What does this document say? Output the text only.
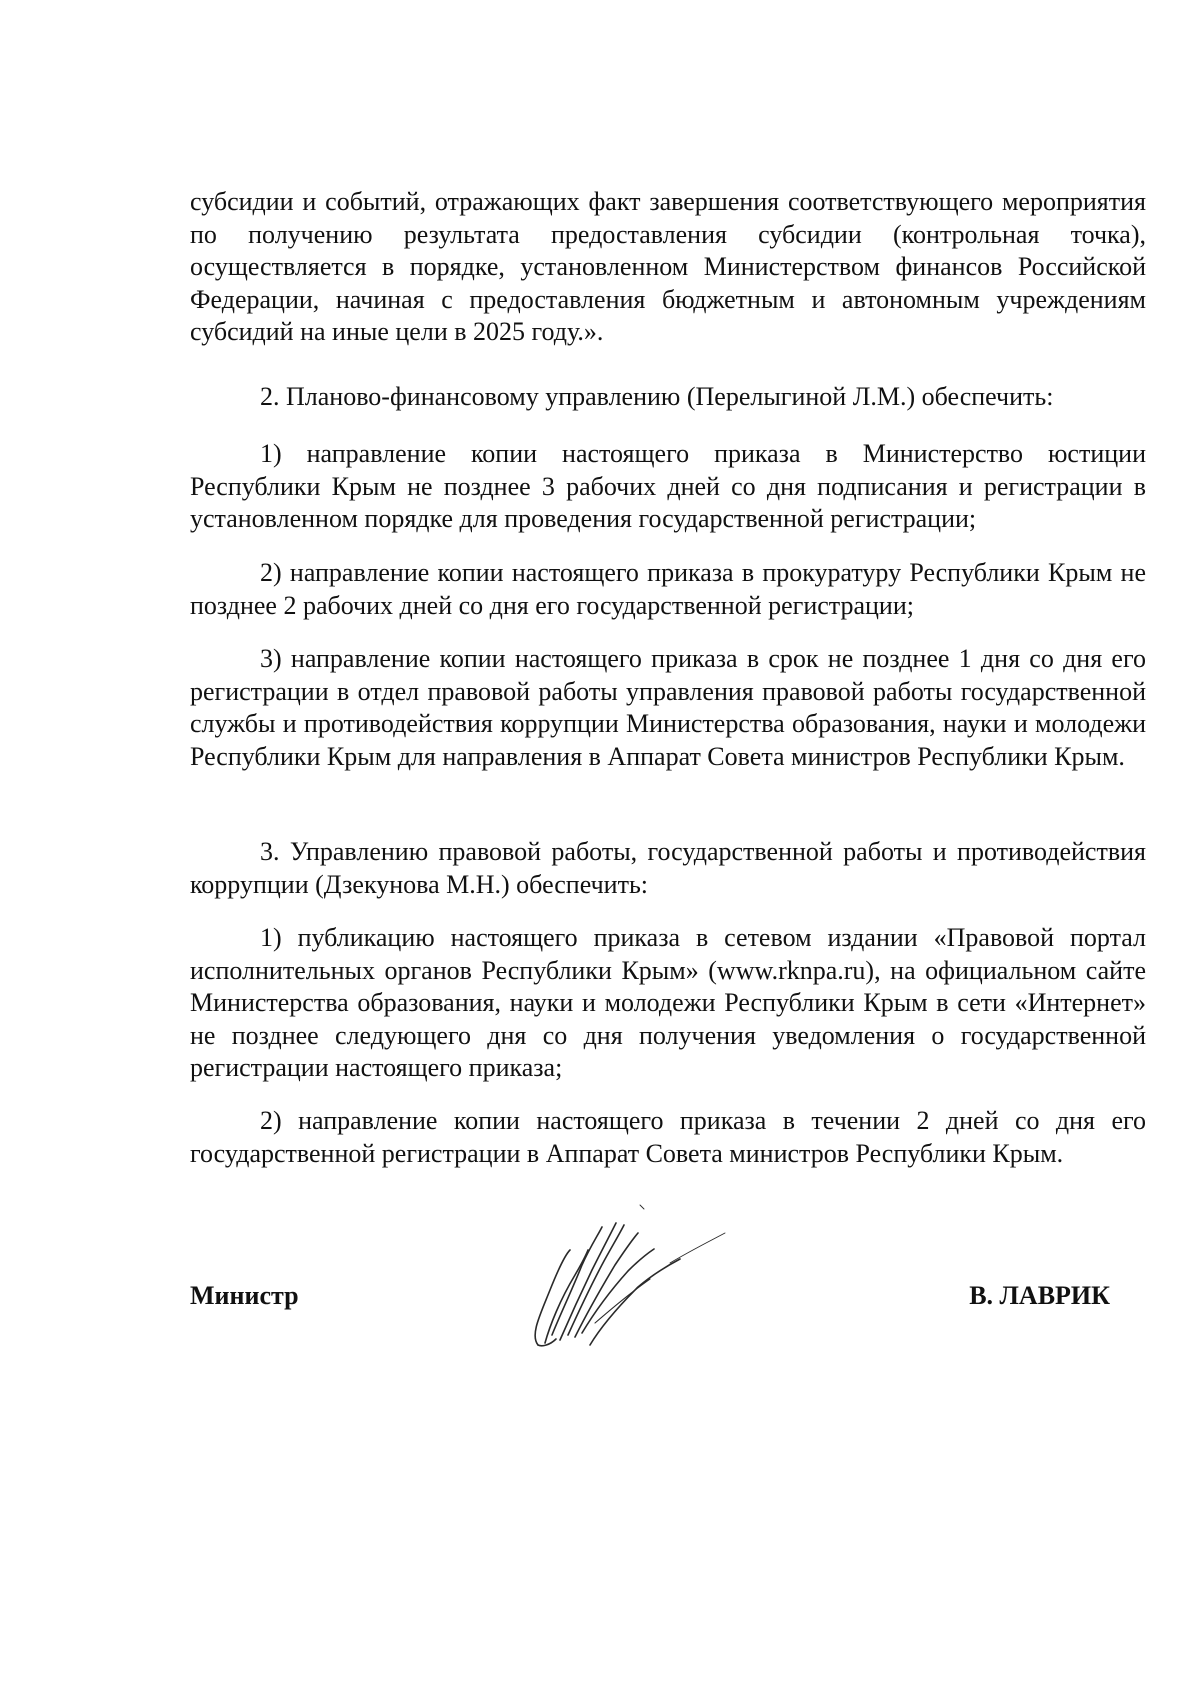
субсидии и событий, отражающих факт завершения соответствующего мероприятия по получению результата предоставления субсидии (контрольная точка), осуществляется в порядке, установленном Министерством финансов Российской Федерации, начиная с предоставления бюджетным и автономным учреждениям субсидий на иные цели в 2025 году.».

2. Планово-финансовому управлению (Перелыгиной Л.М.) обеспечить:

1) направление копии настоящего приказа в Министерство юстиции Республики Крым не позднее 3 рабочих дней со дня подписания и регистрации в установленном порядке для проведения государственной регистрации;

2) направление копии настоящего приказа в прокуратуру Республики Крым не позднее 2 рабочих дней со дня его государственной регистрации;

3) направление копии настоящего приказа в срок не позднее 1 дня со дня его регистрации в отдел правовой работы управления правовой работы государственной службы и противодействия коррупции Министерства образования, науки и молодежи Республики Крым для направления в Аппарат Совета министров Республики Крым.

3. Управлению правовой работы, государственной работы и противодействия коррупции (Дзекунова М.Н.) обеспечить:

1) публикацию настоящего приказа в сетевом издании «Правовой портал исполнительных органов Республики Крым» (www.rknpa.ru), на официальном сайте Министерства образования, науки и молодежи Республики Крым в сети «Интернет» не позднее следующего дня со дня получения уведомления о государственной регистрации настоящего приказа;

2) направление копии настоящего приказа в течении 2 дней со дня его государственной регистрации в Аппарат Совета министров Республики Крым.

Министр	В. ЛАВРИК
